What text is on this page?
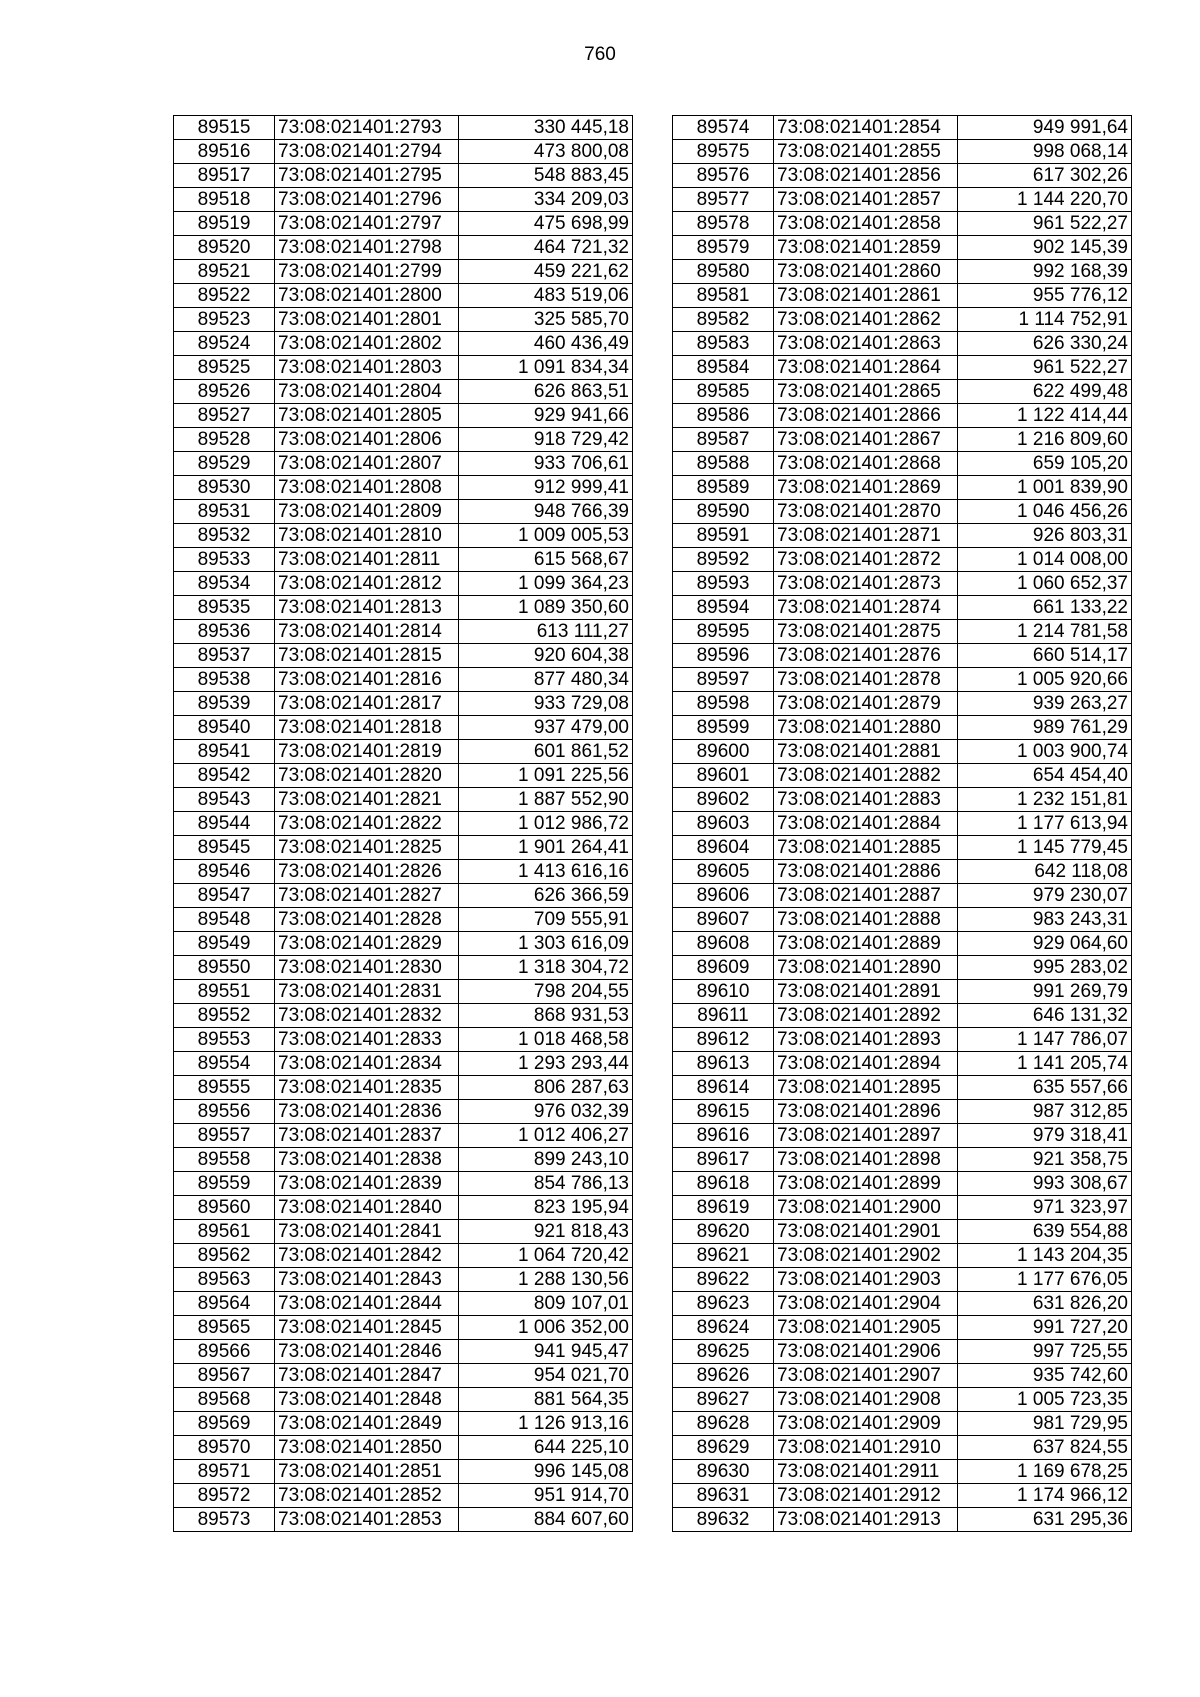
760
89515	73:08:021401:2793	330 445,18
89516	73:08:021401:2794	473 800,08
89517	73:08:021401:2795	548 883,45
89518	73:08:021401:2796	334 209,03
89519	73:08:021401:2797	475 698,99
89520	73:08:021401:2798	464 721,32
89521	73:08:021401:2799	459 221,62
89522	73:08:021401:2800	483 519,06
89523	73:08:021401:2801	325 585,70
89524	73:08:021401:2802	460 436,49
89525	73:08:021401:2803	1 091 834,34
89526	73:08:021401:2804	626 863,51
89527	73:08:021401:2805	929 941,66
89528	73:08:021401:2806	918 729,42
89529	73:08:021401:2807	933 706,61
89530	73:08:021401:2808	912 999,41
89531	73:08:021401:2809	948 766,39
89532	73:08:021401:2810	1 009 005,53
89533	73:08:021401:2811	615 568,67
89534	73:08:021401:2812	1 099 364,23
89535	73:08:021401:2813	1 089 350,60
89536	73:08:021401:2814	613 111,27
89537	73:08:021401:2815	920 604,38
89538	73:08:021401:2816	877 480,34
89539	73:08:021401:2817	933 729,08
89540	73:08:021401:2818	937 479,00
89541	73:08:021401:2819	601 861,52
89542	73:08:021401:2820	1 091 225,56
89543	73:08:021401:2821	1 887 552,90
89544	73:08:021401:2822	1 012 986,72
89545	73:08:021401:2825	1 901 264,41
89546	73:08:021401:2826	1 413 616,16
89547	73:08:021401:2827	626 366,59
89548	73:08:021401:2828	709 555,91
89549	73:08:021401:2829	1 303 616,09
89550	73:08:021401:2830	1 318 304,72
89551	73:08:021401:2831	798 204,55
89552	73:08:021401:2832	868 931,53
89553	73:08:021401:2833	1 018 468,58
89554	73:08:021401:2834	1 293 293,44
89555	73:08:021401:2835	806 287,63
89556	73:08:021401:2836	976 032,39
89557	73:08:021401:2837	1 012 406,27
89558	73:08:021401:2838	899 243,10
89559	73:08:021401:2839	854 786,13
89560	73:08:021401:2840	823 195,94
89561	73:08:021401:2841	921 818,43
89562	73:08:021401:2842	1 064 720,42
89563	73:08:021401:2843	1 288 130,56
89564	73:08:021401:2844	809 107,01
89565	73:08:021401:2845	1 006 352,00
89566	73:08:021401:2846	941 945,47
89567	73:08:021401:2847	954 021,70
89568	73:08:021401:2848	881 564,35
89569	73:08:021401:2849	1 126 913,16
89570	73:08:021401:2850	644 225,10
89571	73:08:021401:2851	996 145,08
89572	73:08:021401:2852	951 914,70
89573	73:08:021401:2853	884 607,60
89574	73:08:021401:2854	949 991,64
89575	73:08:021401:2855	998 068,14
89576	73:08:021401:2856	617 302,26
89577	73:08:021401:2857	1 144 220,70
89578	73:08:021401:2858	961 522,27
89579	73:08:021401:2859	902 145,39
89580	73:08:021401:2860	992 168,39
89581	73:08:021401:2861	955 776,12
89582	73:08:021401:2862	1 114 752,91
89583	73:08:021401:2863	626 330,24
89584	73:08:021401:2864	961 522,27
89585	73:08:021401:2865	622 499,48
89586	73:08:021401:2866	1 122 414,44
89587	73:08:021401:2867	1 216 809,60
89588	73:08:021401:2868	659 105,20
89589	73:08:021401:2869	1 001 839,90
89590	73:08:021401:2870	1 046 456,26
89591	73:08:021401:2871	926 803,31
89592	73:08:021401:2872	1 014 008,00
89593	73:08:021401:2873	1 060 652,37
89594	73:08:021401:2874	661 133,22
89595	73:08:021401:2875	1 214 781,58
89596	73:08:021401:2876	660 514,17
89597	73:08:021401:2878	1 005 920,66
89598	73:08:021401:2879	939 263,27
89599	73:08:021401:2880	989 761,29
89600	73:08:021401:2881	1 003 900,74
89601	73:08:021401:2882	654 454,40
89602	73:08:021401:2883	1 232 151,81
89603	73:08:021401:2884	1 177 613,94
89604	73:08:021401:2885	1 145 779,45
89605	73:08:021401:2886	642 118,08
89606	73:08:021401:2887	979 230,07
89607	73:08:021401:2888	983 243,31
89608	73:08:021401:2889	929 064,60
89609	73:08:021401:2890	995 283,02
89610	73:08:021401:2891	991 269,79
89611	73:08:021401:2892	646 131,32
89612	73:08:021401:2893	1 147 786,07
89613	73:08:021401:2894	1 141 205,74
89614	73:08:021401:2895	635 557,66
89615	73:08:021401:2896	987 312,85
89616	73:08:021401:2897	979 318,41
89617	73:08:021401:2898	921 358,75
89618	73:08:021401:2899	993 308,67
89619	73:08:021401:2900	971 323,97
89620	73:08:021401:2901	639 554,88
89621	73:08:021401:2902	1 143 204,35
89622	73:08:021401:2903	1 177 676,05
89623	73:08:021401:2904	631 826,20
89624	73:08:021401:2905	991 727,20
89625	73:08:021401:2906	997 725,55
89626	73:08:021401:2907	935 742,60
89627	73:08:021401:2908	1 005 723,35
89628	73:08:021401:2909	981 729,95
89629	73:08:021401:2910	637 824,55
89630	73:08:021401:2911	1 169 678,25
89631	73:08:021401:2912	1 174 966,12
89632	73:08:021401:2913	631 295,36
